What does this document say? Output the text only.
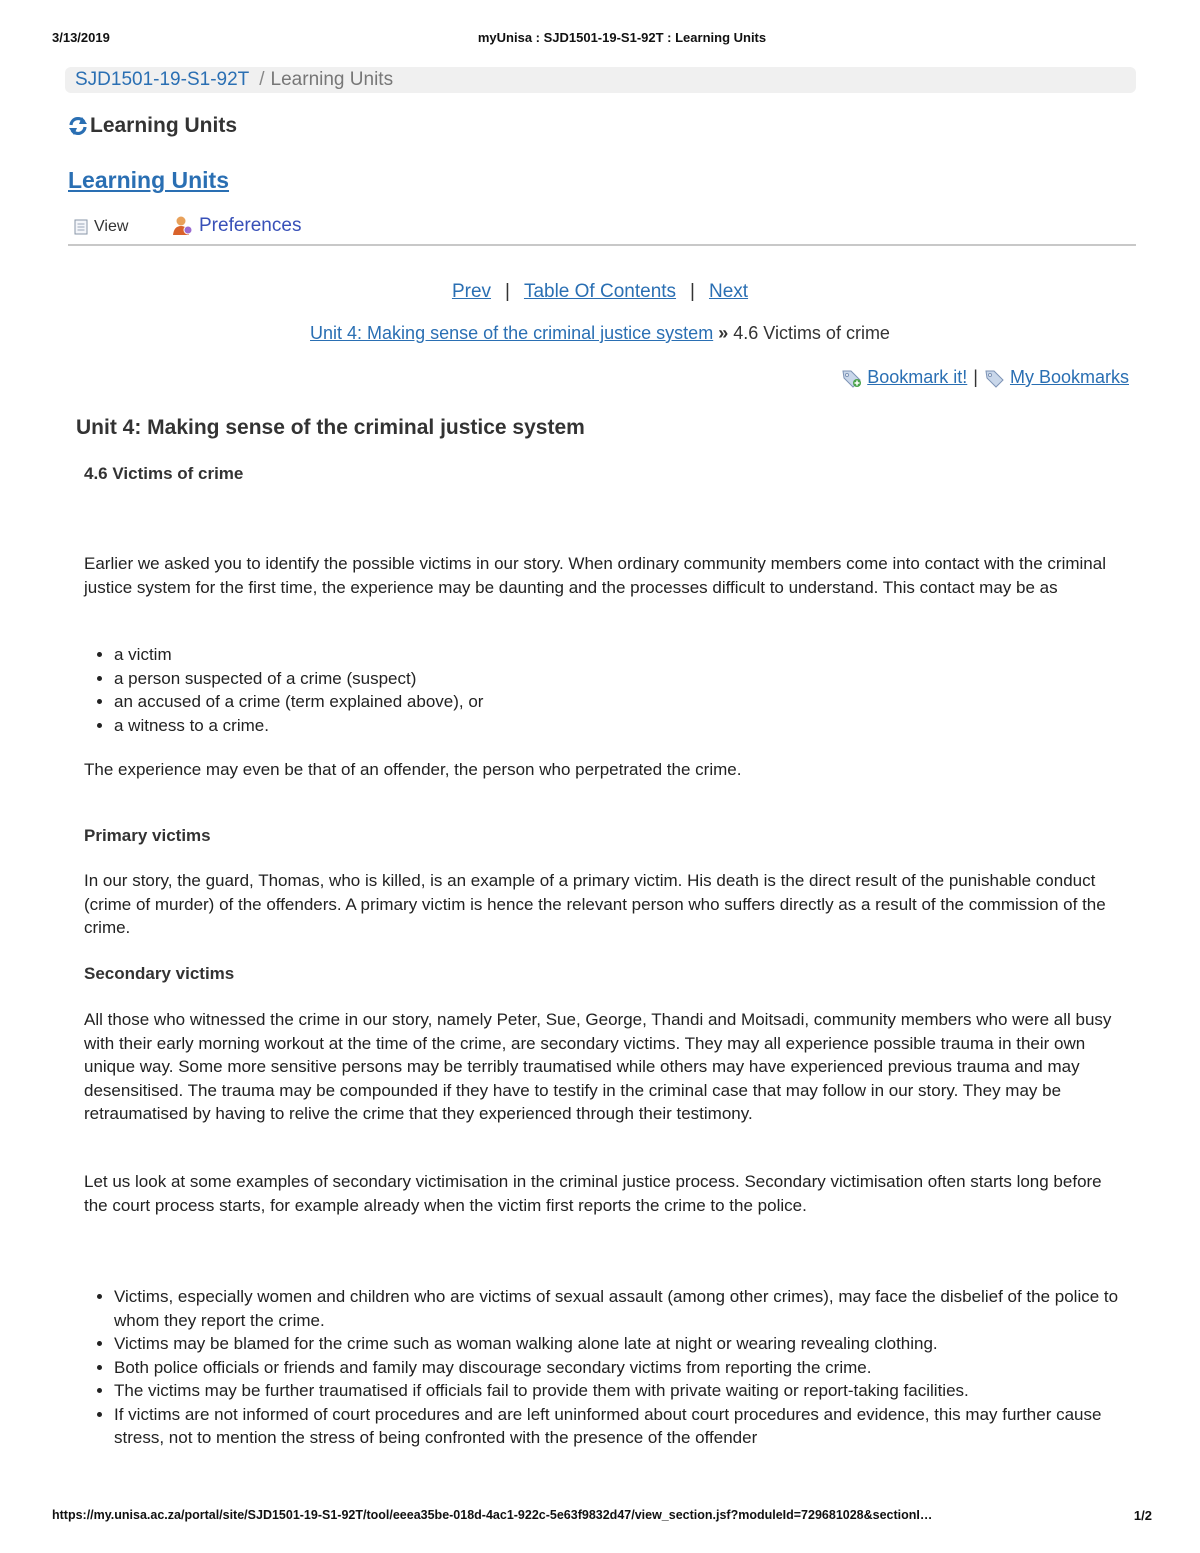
3/13/2019	myUnisa : SJD1501-19-S1-92T : Learning Units
SJD1501-19-S1-92T / Learning Units
Learning Units
Learning Units
View	Preferences
Prev | Table Of Contents | Next
Unit 4: Making sense of the criminal justice system » 4.6 Victims of crime
Bookmark it! | My Bookmarks
Unit 4: Making sense of the criminal justice system
4.6 Victims of crime

Earlier we asked you to identify the possible victims in our story. When ordinary community members come into contact with the criminal justice system for the first time, the experience may be daunting and the processes difficult to understand. This contact may be as

• a victim
• a person suspected of a crime (suspect)
• an accused of a crime (term explained above), or
• a witness to a crime.

The experience may even be that of an offender, the person who perpetrated the crime.

Primary victims

In our story, the guard, Thomas, who is killed, is an example of a primary victim. His death is the direct result of the punishable conduct (crime of murder) of the offenders. A primary victim is hence the relevant person who suffers directly as a result of the commission of the crime.

Secondary victims

All those who witnessed the crime in our story, namely Peter, Sue, George, Thandi and Moitsadi, community members who were all busy with their early morning workout at the time of the crime, are secondary victims. They may all experience possible trauma in their own unique way. Some more sensitive persons may be terribly traumatised while others may have experienced previous trauma and may desensitised. The trauma may be compounded if they have to testify in the criminal case that may follow in our story. They may be retraumatised by having to relive the crime that they experienced through their testimony.

Let us look at some examples of secondary victimisation in the criminal justice process. Secondary victimisation often starts long before the court process starts, for example already when the victim first reports the crime to the police.

• Victims, especially women and children who are victims of sexual assault (among other crimes), may face the disbelief of the police to whom they report the crime.
• Victims may be blamed for the crime such as woman walking alone late at night or wearing revealing clothing.
• Both police officials or friends and family may discourage secondary victims from reporting the crime.
• The victims may be further traumatised if officials fail to provide them with private waiting or report-taking facilities.
• If victims are not informed of court procedures and are left uninformed about court procedures and evidence, this may further cause stress, not to mention the stress of being confronted with the presence of the offender
https://my.unisa.ac.za/portal/site/SJD1501-19-S1-92T/tool/eeea35be-018d-4ac1-922c-5e63f9832d47/view_section.jsf?moduleId=729681028&sectionI…	1/2
